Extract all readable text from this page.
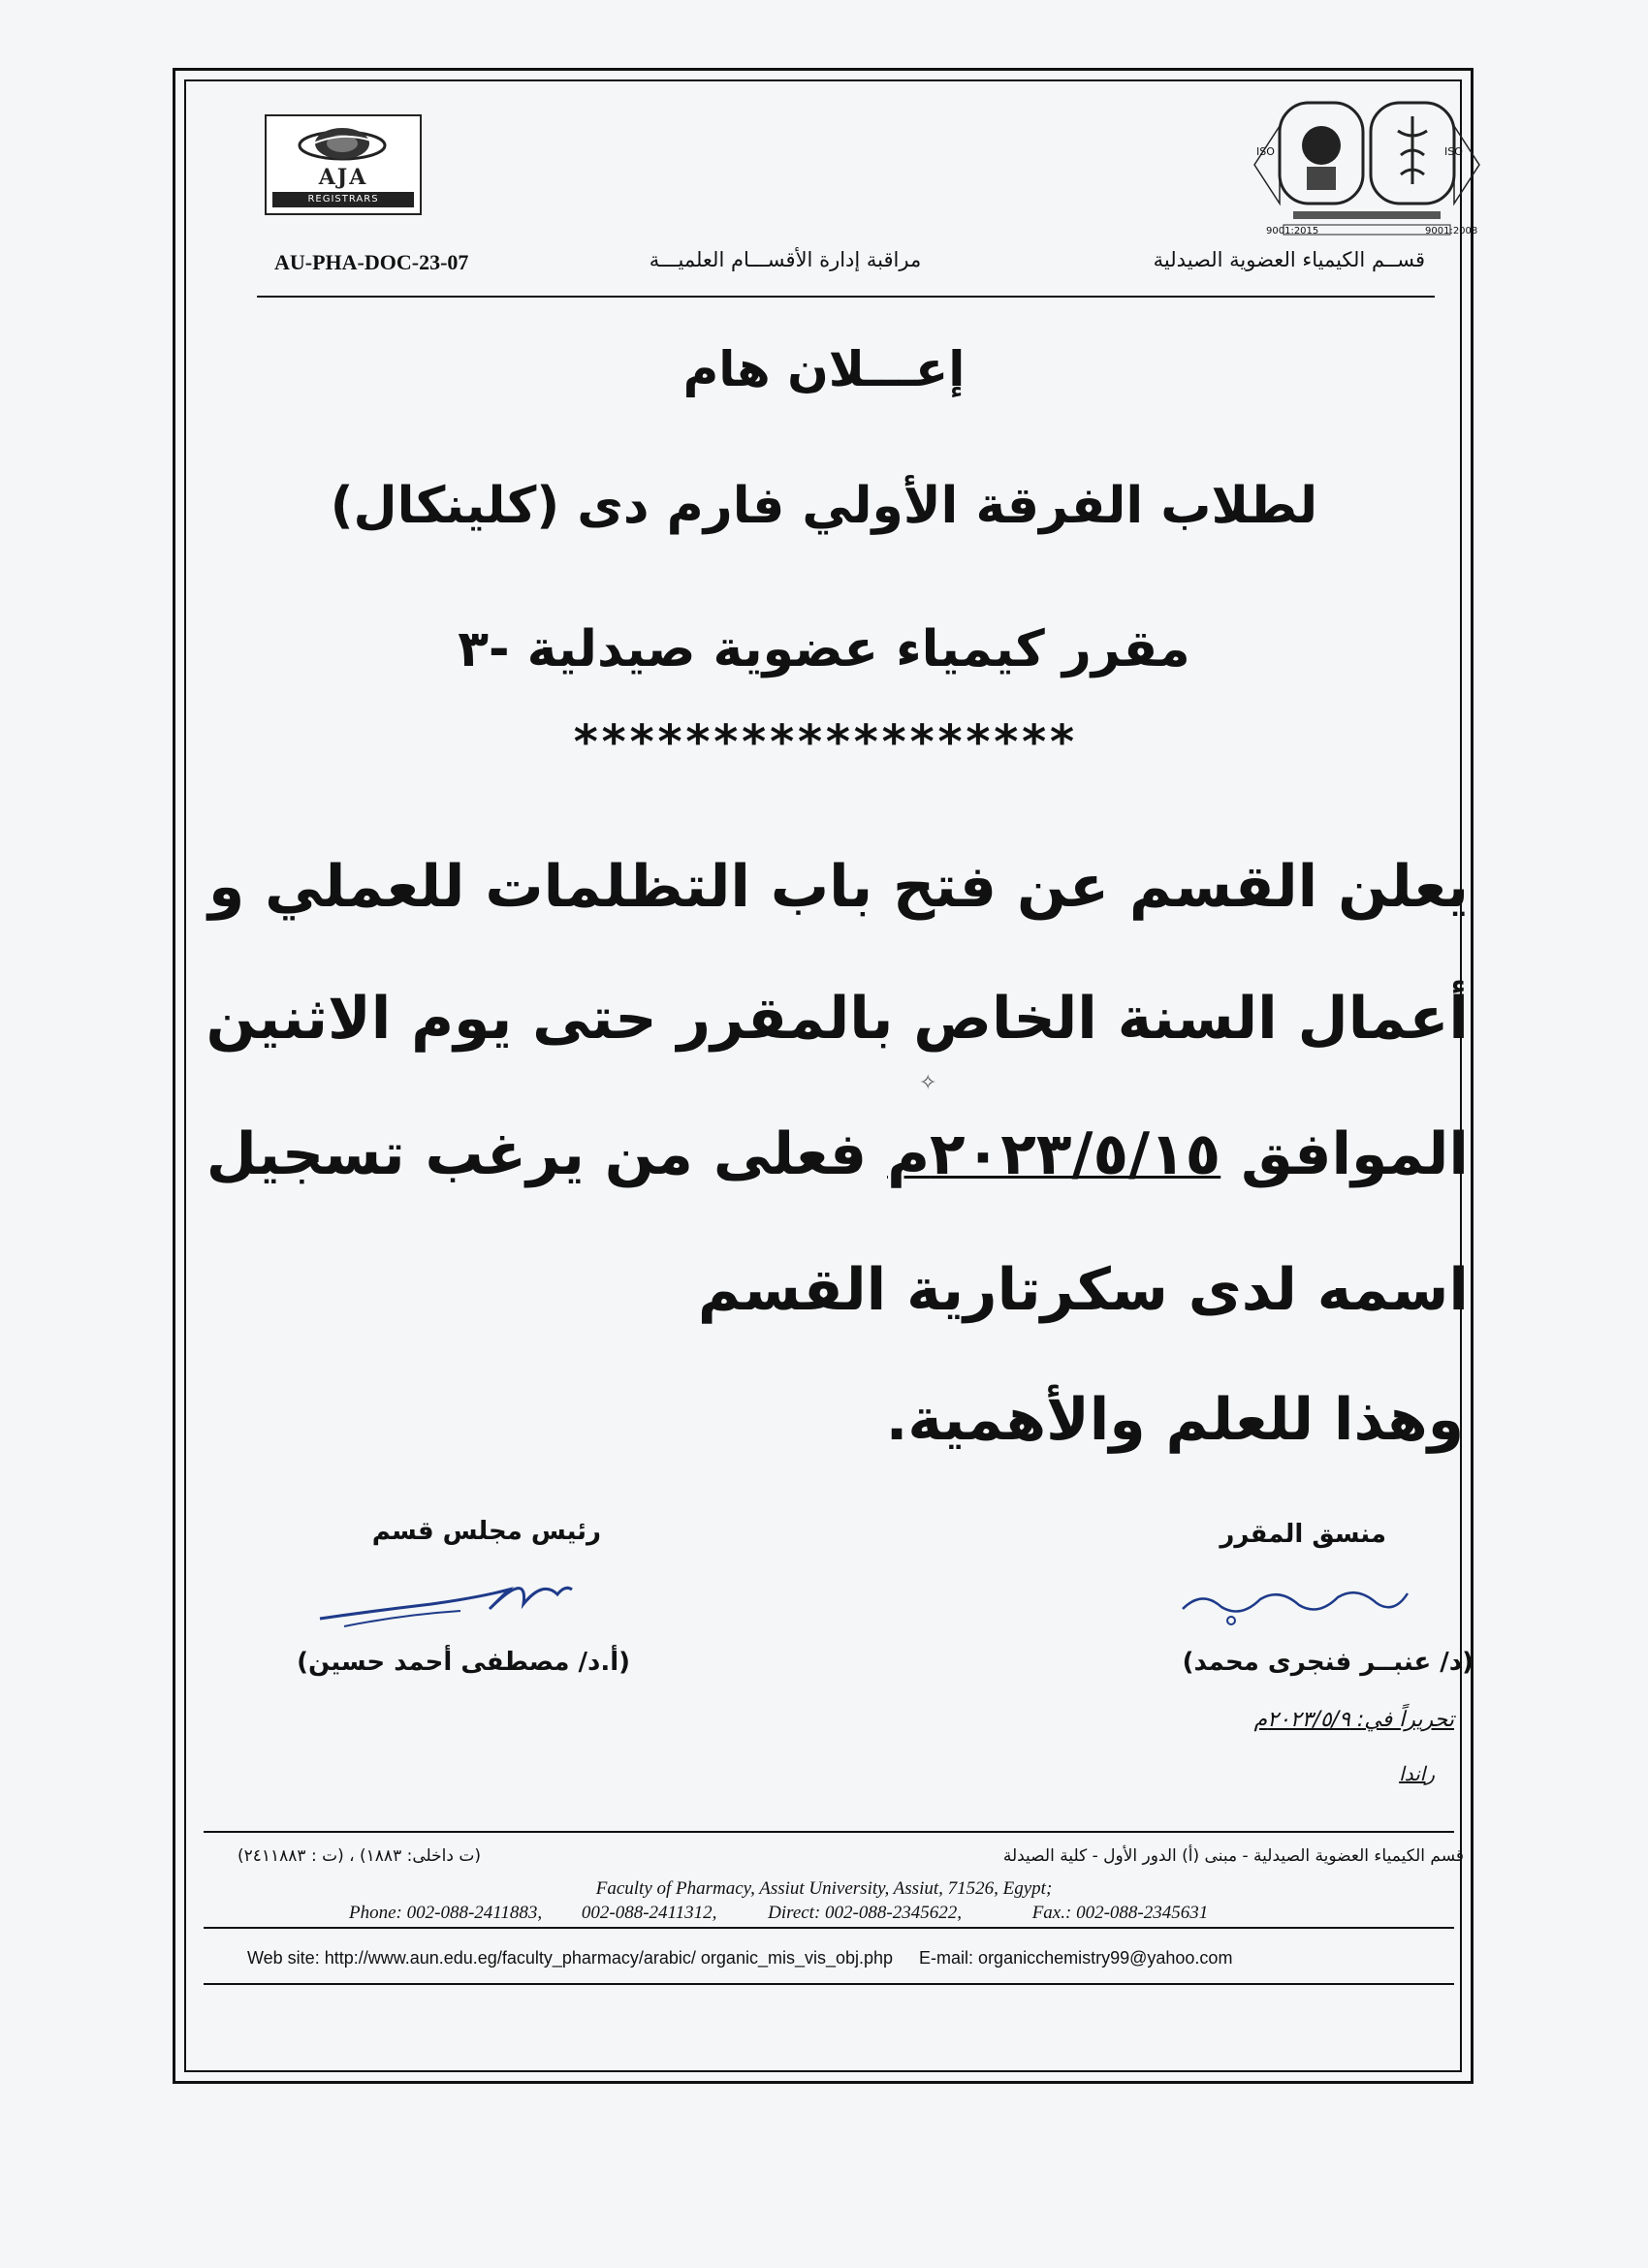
AJA
REGISTRARS
ISO	ISO
9001:2015	9001:2008
AU-PHA-DOC-23-07	مراقبة إدارة الأقســـام العلميـــة	قســم الكيمياء العضوية الصيدلية
إعـــلان هام
لطلاب الفرقة الأولي فارم دى (كلينكال)
مقرر كيمياء عضوية صيدلية -٣
******************
يعلن القسم عن فتح باب التظلمات للعملي و
أعمال السنة الخاص بالمقرر حتى يوم الاثنين
الموافق ٢٠٢٣/٥/١٥م فعلى من يرغب تسجيل
اسمه لدى سكرتارية القسم
وهذا للعلم والأهمية.
✧
رئيس مجلس قسم
(أ.د/ مصطفى أحمد حسين)
منسق المقرر
(د/ عنبــر فنجرى محمد)
تحريراً في: ٢٠٢٣/٥/٩م
راندا
قسم الكيمياء العضوية الصيدلية - مبنى (أ) الدور الأول - كلية الصيدلة
(ت داخلى: ١٨٨٣) ، (ت : ٢٤١١٨٨٣)
Faculty of Pharmacy, Assiut University, Assiut, 71526, Egypt;
Phone: 002-088-2411883, 002-088-2411312,	Direct: 002-088-2345622,	Fax.: 002-088-2345631
Web site: http://www.aun.edu.eg/faculty_pharmacy/arabic/ organic_mis_vis_obj.php E-mail: organicchemistry99@yahoo.com
